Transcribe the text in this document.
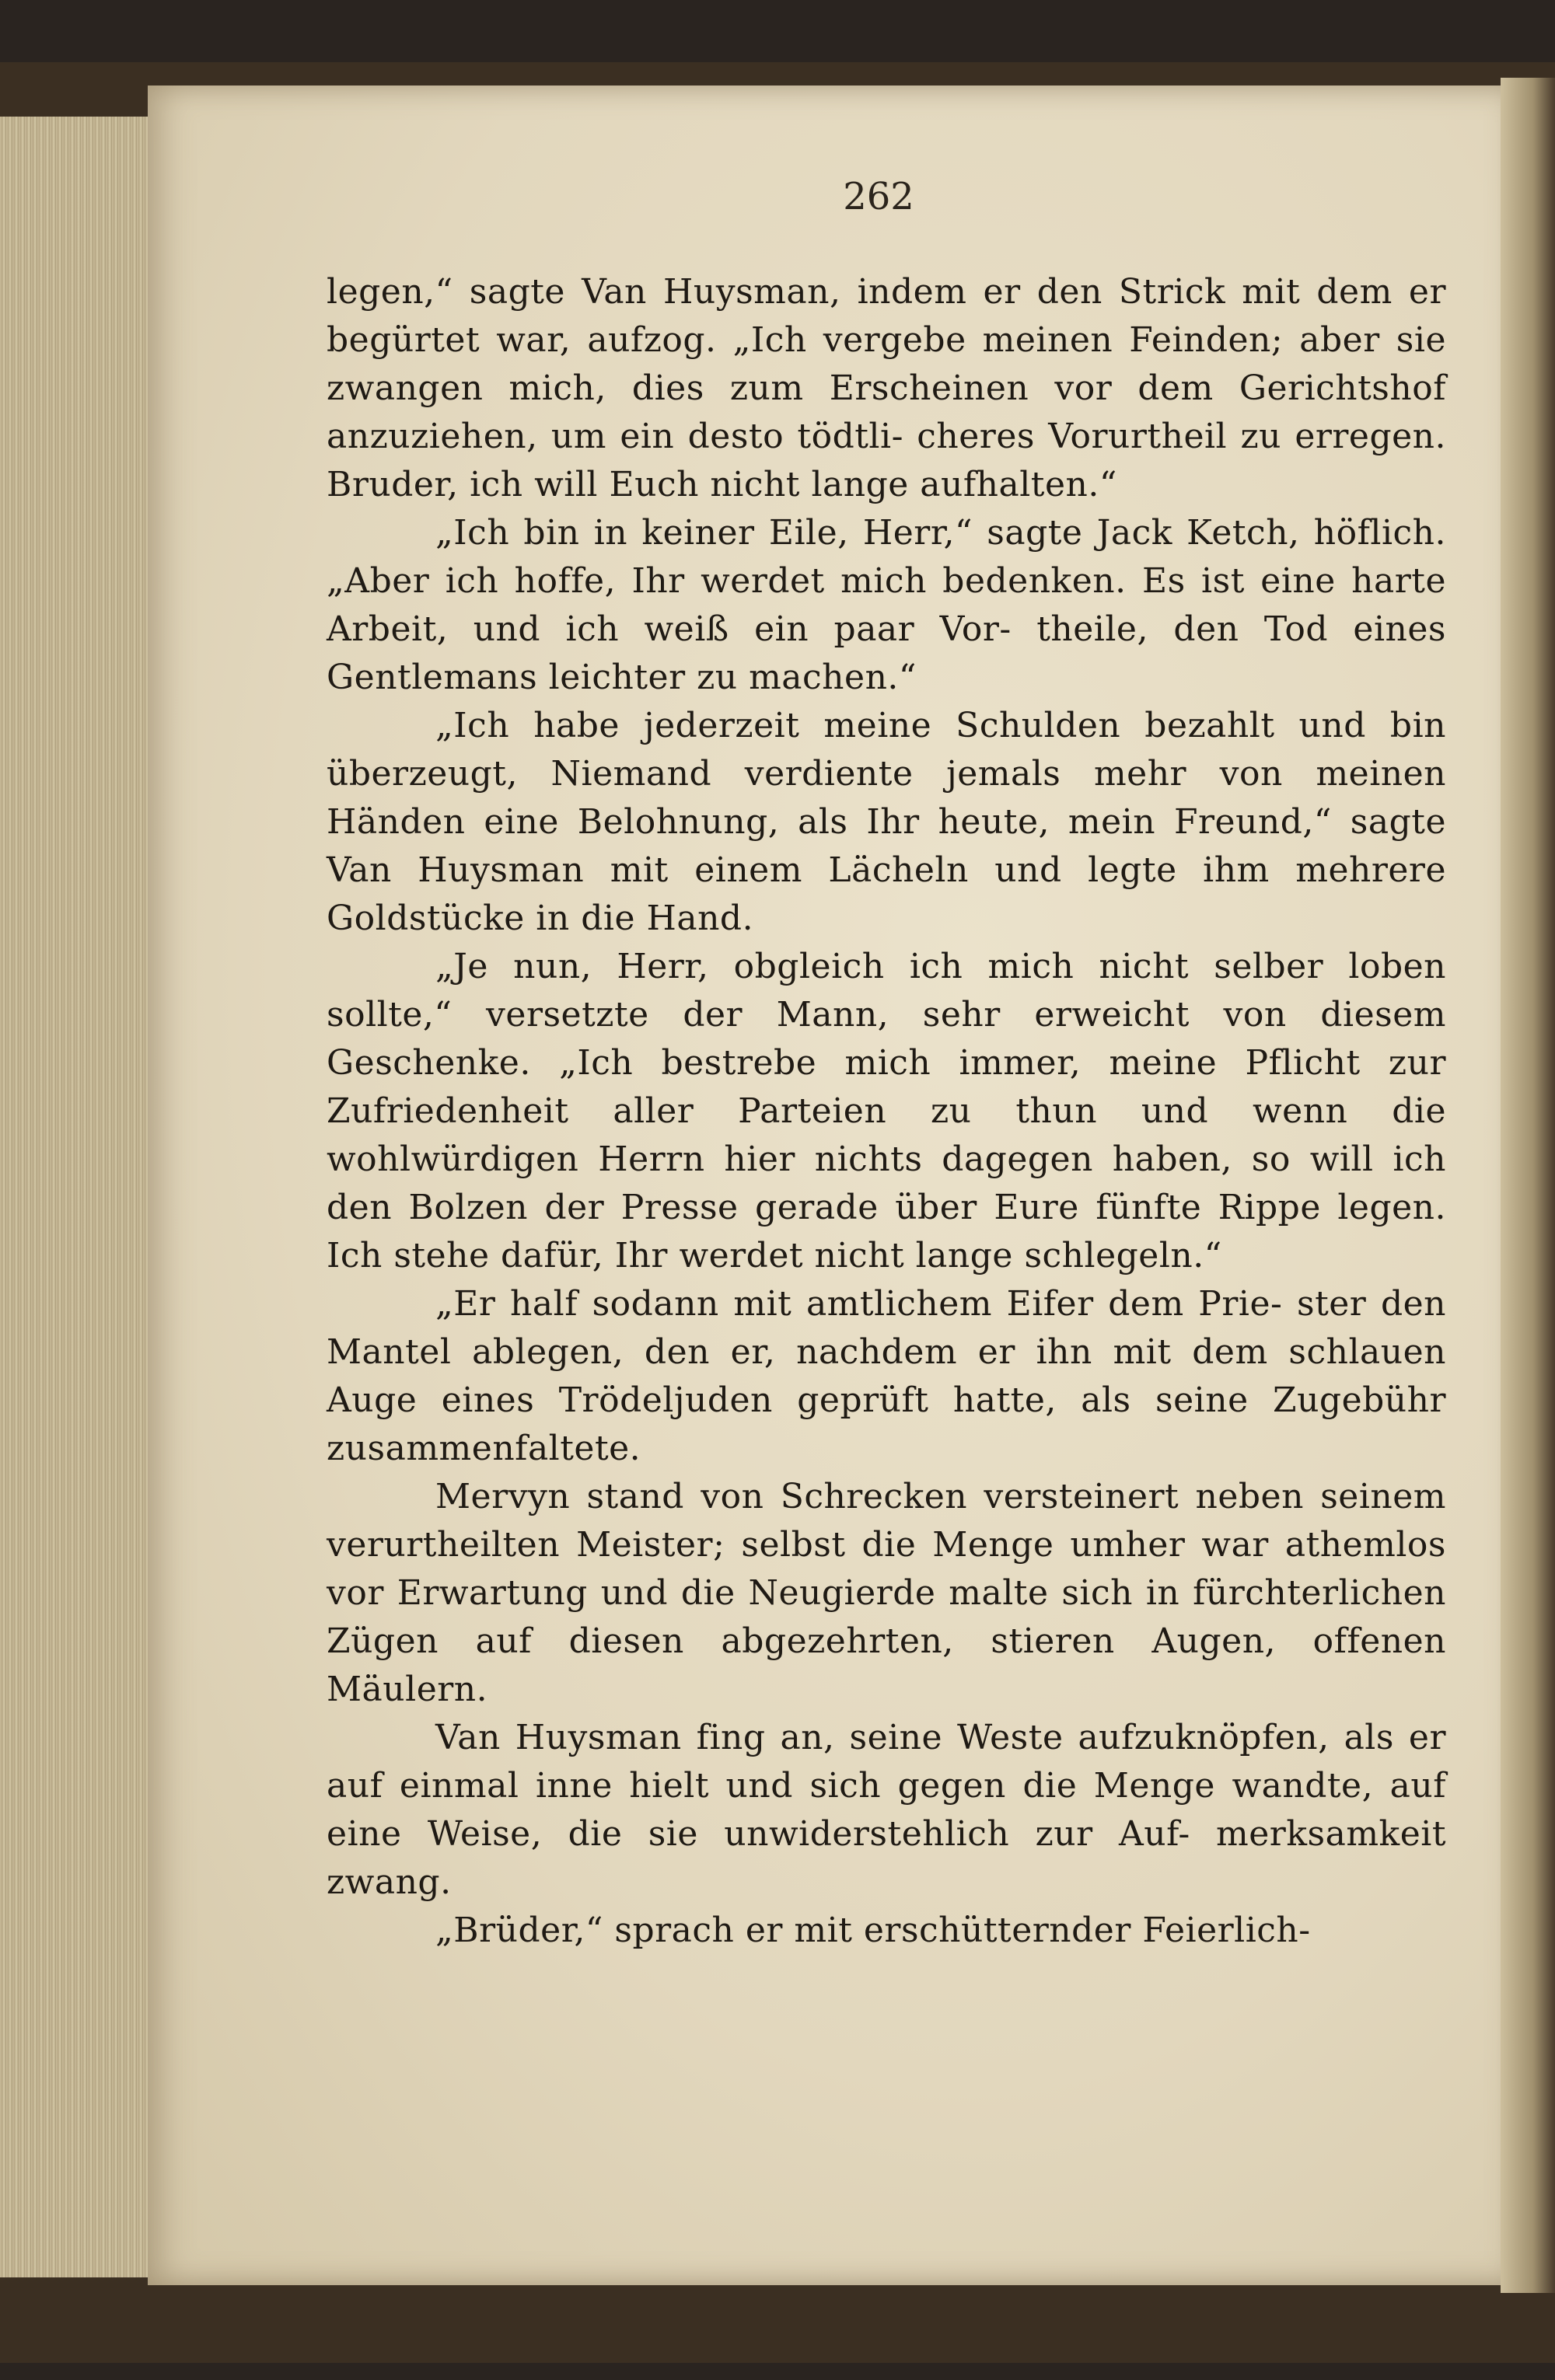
262

legen,“ sagte Van Huysman, indem er den Strick mit dem er begürtet war, aufzog. „Ich vergebe meinen Feinden; aber sie zwangen mich, dies zum Erscheinen vor dem Gerichtshof anzuziehen, um ein desto tödtli- cheres Vorurtheil zu erregen. Bruder, ich will Euch nicht lange aufhalten.“

„Ich bin in keiner Eile, Herr,“ sagte Jack Ketch, höflich. „Aber ich hoffe, Ihr werdet mich bedenken. Es ist eine harte Arbeit, und ich weiß ein paar Vor- theile, den Tod eines Gentlemans leichter zu machen.“

„Ich habe jederzeit meine Schulden bezahlt und bin überzeugt, Niemand verdiente jemals mehr von meinen Händen eine Belohnung, als Ihr heute, mein Freund,“ sagte Van Huysman mit einem Lächeln und legte ihm mehrere Goldstücke in die Hand.

„Je nun, Herr, obgleich ich mich nicht selber loben sollte,“ versetzte der Mann, sehr erweicht von diesem Geschenke. „Ich bestrebe mich immer, meine Pflicht zur Zufriedenheit aller Parteien zu thun und wenn die wohlwürdigen Herrn hier nichts dagegen haben, so will ich den Bolzen der Presse gerade über Eure fünfte Rippe legen. Ich stehe dafür, Ihr werdet nicht lange schlegeln.“

„Er half sodann mit amtlichem Eifer dem Prie- ster den Mantel ablegen, den er, nachdem er ihn mit dem schlauen Auge eines Trödeljuden geprüft hatte, als seine Zugebühr zusammenfaltete.

Mervyn stand von Schrecken versteinert neben seinem verurtheilten Meister; selbst die Menge umher war athemlos vor Erwartung und die Neugierde malte sich in fürchterlichen Zügen auf diesen abgezehrten, stieren Augen, offenen Mäulern.

Van Huysman fing an, seine Weste aufzuknöpfen, als er auf einmal inne hielt und sich gegen die Menge wandte, auf eine Weise, die sie unwiderstehlich zur Auf- merksamkeit zwang.

„Brüder,“ sprach er mit erschütternder Feierlich-
